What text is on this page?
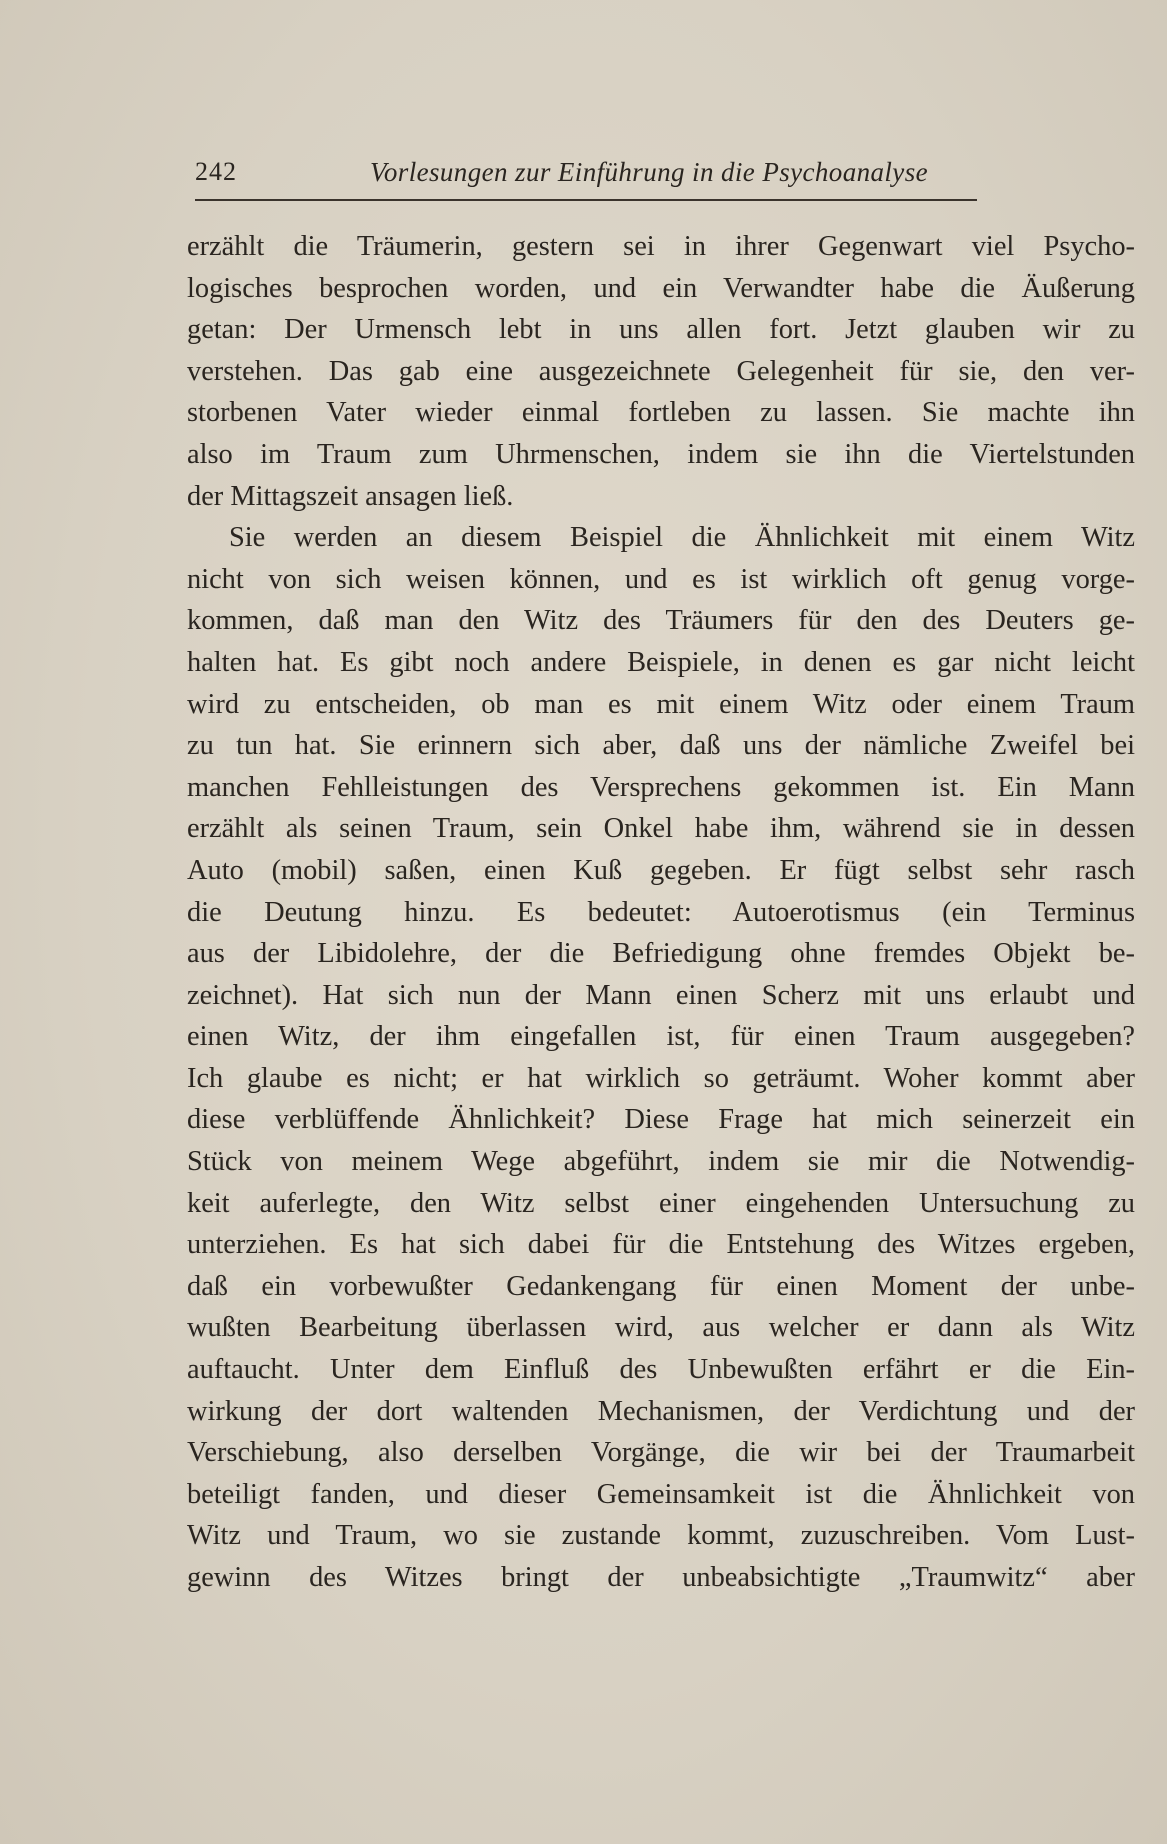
242	Vorlesungen zur Einführung in die Psychoanalyse
erzählt die Träumerin, gestern sei in ihrer Gegenwart viel Psycho-
logisches besprochen worden, und ein Verwandter habe die Äußerung
getan: Der Urmensch lebt in uns allen fort. Jetzt glauben wir zu
verstehen. Das gab eine ausgezeichnete Gelegenheit für sie, den ver-
storbenen Vater wieder einmal fortleben zu lassen. Sie machte ihn
also im Traum zum Uhrmenschen, indem sie ihn die Viertelstunden
der Mittagszeit ansagen ließ.
Sie werden an diesem Beispiel die Ähnlichkeit mit einem Witz
nicht von sich weisen können, und es ist wirklich oft genug vorge-
kommen, daß man den Witz des Träumers für den des Deuters ge-
halten hat. Es gibt noch andere Beispiele, in denen es gar nicht leicht
wird zu entscheiden, ob man es mit einem Witz oder einem Traum
zu tun hat. Sie erinnern sich aber, daß uns der nämliche Zweifel bei
manchen Fehlleistungen des Versprechens gekommen ist. Ein Mann
erzählt als seinen Traum, sein Onkel habe ihm, während sie in dessen
Auto (mobil) saßen, einen Kuß gegeben. Er fügt selbst sehr rasch
die Deutung hinzu. Es bedeutet: Autoerotismus (ein Terminus
aus der Libidolehre, der die Befriedigung ohne fremdes Objekt be-
zeichnet). Hat sich nun der Mann einen Scherz mit uns erlaubt und
einen Witz, der ihm eingefallen ist, für einen Traum ausgegeben?
Ich glaube es nicht; er hat wirklich so geträumt. Woher kommt aber
diese verblüffende Ähnlichkeit? Diese Frage hat mich seinerzeit ein
Stück von meinem Wege abgeführt, indem sie mir die Notwendig-
keit auferlegte, den Witz selbst einer eingehenden Untersuchung zu
unterziehen. Es hat sich dabei für die Entstehung des Witzes ergeben,
daß ein vorbewußter Gedankengang für einen Moment der unbe-
wußten Bearbeitung überlassen wird, aus welcher er dann als Witz
auftaucht. Unter dem Einfluß des Unbewußten erfährt er die Ein-
wirkung der dort waltenden Mechanismen, der Verdichtung und der
Verschiebung, also derselben Vorgänge, die wir bei der Traumarbeit
beteiligt fanden, und dieser Gemeinsamkeit ist die Ähnlichkeit von
Witz und Traum, wo sie zustande kommt, zuzuschreiben. Vom Lust-
gewinn des Witzes bringt der unbeabsichtigte „Traumwitz“ aber
